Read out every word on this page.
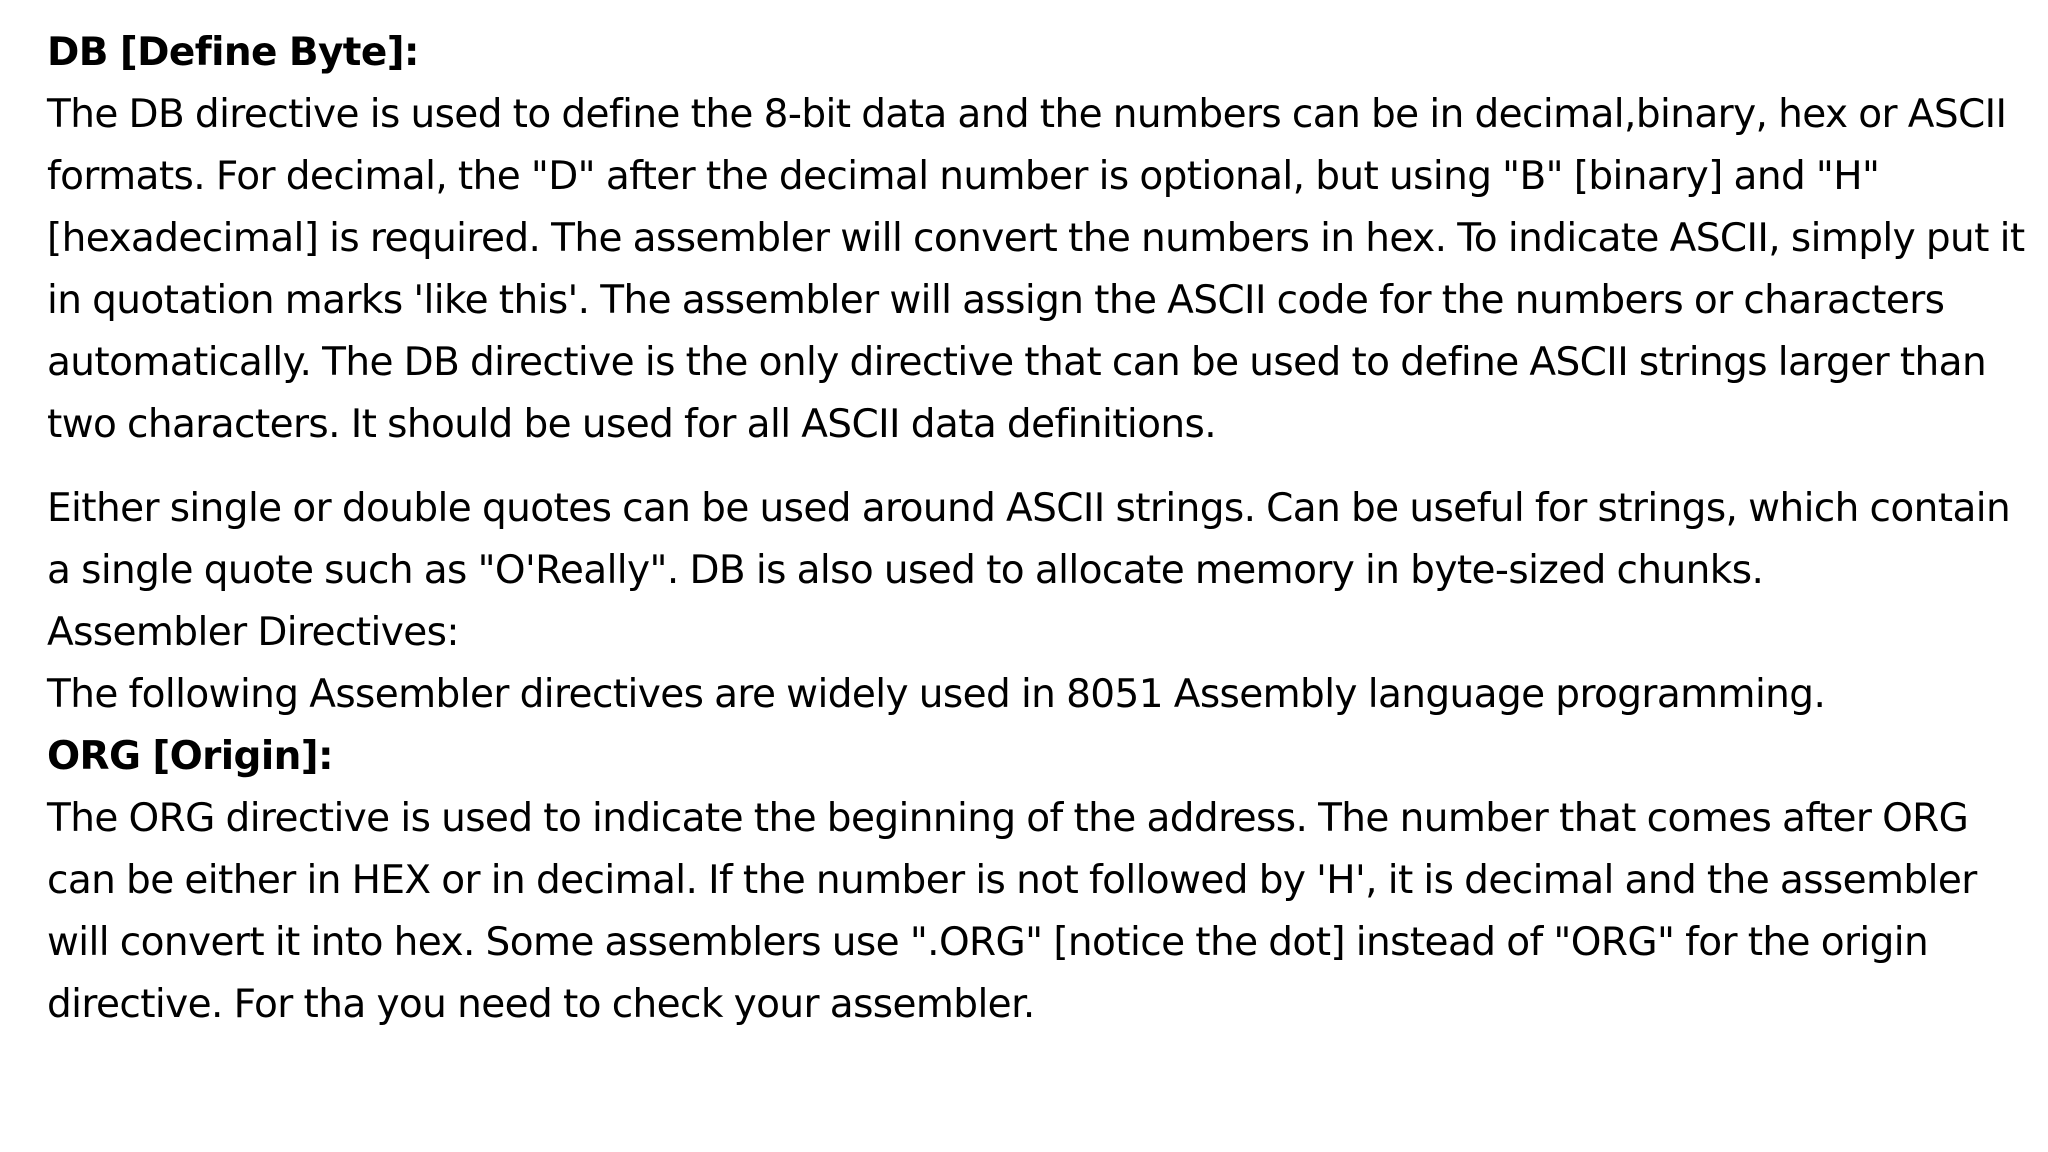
DB [Define Byte]:

The DB directive is used to define the 8-bit data and the numbers can be in decimal,binary, hex or ASCII formats. For decimal, the "D" after the decimal number is optional, but using "B" [binary] and "H" [hexadecimal] is required. The assembler will convert the numbers in hex. To indicate ASCII, simply put it in quotation marks 'like this'. The assembler will assign the ASCII code for the numbers or characters automatically. The DB directive is the only directive that can be used to define ASCII strings larger than two characters. It should be used for all ASCII data definitions.

Either single or double quotes can be used around ASCII strings. Can be useful for strings, which contain a single quote such as "O'Really". DB is also used to allocate memory in byte-sized chunks.

Assembler Directives:

The following Assembler directives are widely used in 8051 Assembly language programming.

ORG [Origin]:

The ORG directive is used to indicate the beginning of the address. The number that comes after ORG can be either in HEX or in decimal. If the number is not followed by 'H', it is decimal and the assembler will convert it into hex. Some assemblers use ".ORG" [notice the dot] instead of "ORG" for the origin directive. For tha you need to check your assembler.
